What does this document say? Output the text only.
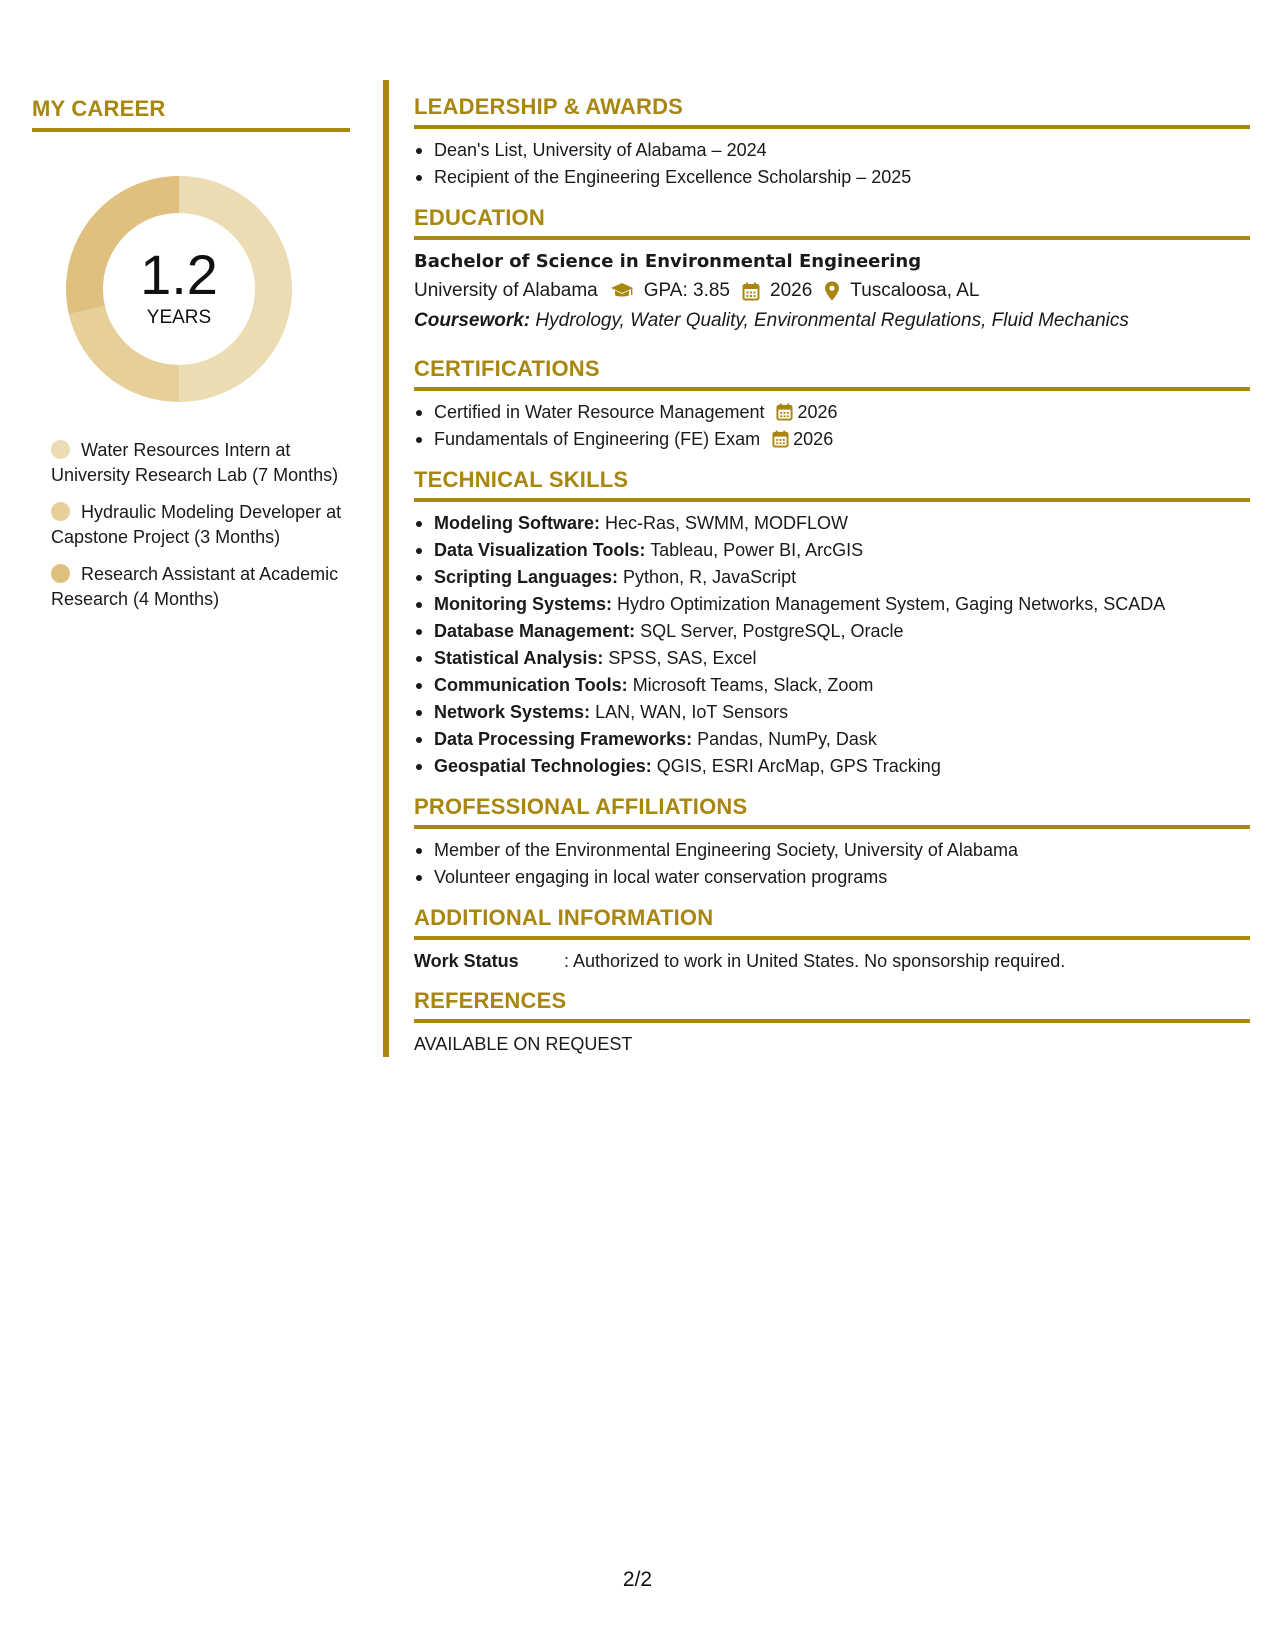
MY CAREER
1.2
YEARS
Water Resources Intern at University Research Lab (7 Months)
Hydraulic Modeling Developer at Capstone Project (3 Months)
Research Assistant at Academic Research (4 Months)
LEADERSHIP & AWARDS
Dean's List, University of Alabama – 2024
Recipient of the Engineering Excellence Scholarship – 2025
EDUCATION
Bachelor of Science in Environmental Engineering
University of Alabama GPA: 3.85 2026 Tuscaloosa, AL
Coursework: Hydrology, Water Quality, Environmental Regulations, Fluid Mechanics
CERTIFICATIONS
Certified in Water Resource Management 2026
Fundamentals of Engineering (FE) Exam 2026
TECHNICAL SKILLS
Modeling Software: Hec-Ras, SWMM, MODFLOW
Data Visualization Tools: Tableau, Power BI, ArcGIS
Scripting Languages: Python, R, JavaScript
Monitoring Systems: Hydro Optimization Management System, Gaging Networks, SCADA
Database Management: SQL Server, PostgreSQL, Oracle
Statistical Analysis: SPSS, SAS, Excel
Communication Tools: Microsoft Teams, Slack, Zoom
Network Systems: LAN, WAN, IoT Sensors
Data Processing Frameworks: Pandas, NumPy, Dask
Geospatial Technologies: QGIS, ESRI ArcMap, GPS Tracking
PROFESSIONAL AFFILIATIONS
Member of the Environmental Engineering Society, University of Alabama
Volunteer engaging in local water conservation programs
ADDITIONAL INFORMATION
Work Status	: Authorized to work in United States. No sponsorship required.
REFERENCES
AVAILABLE ON REQUEST
2/2
